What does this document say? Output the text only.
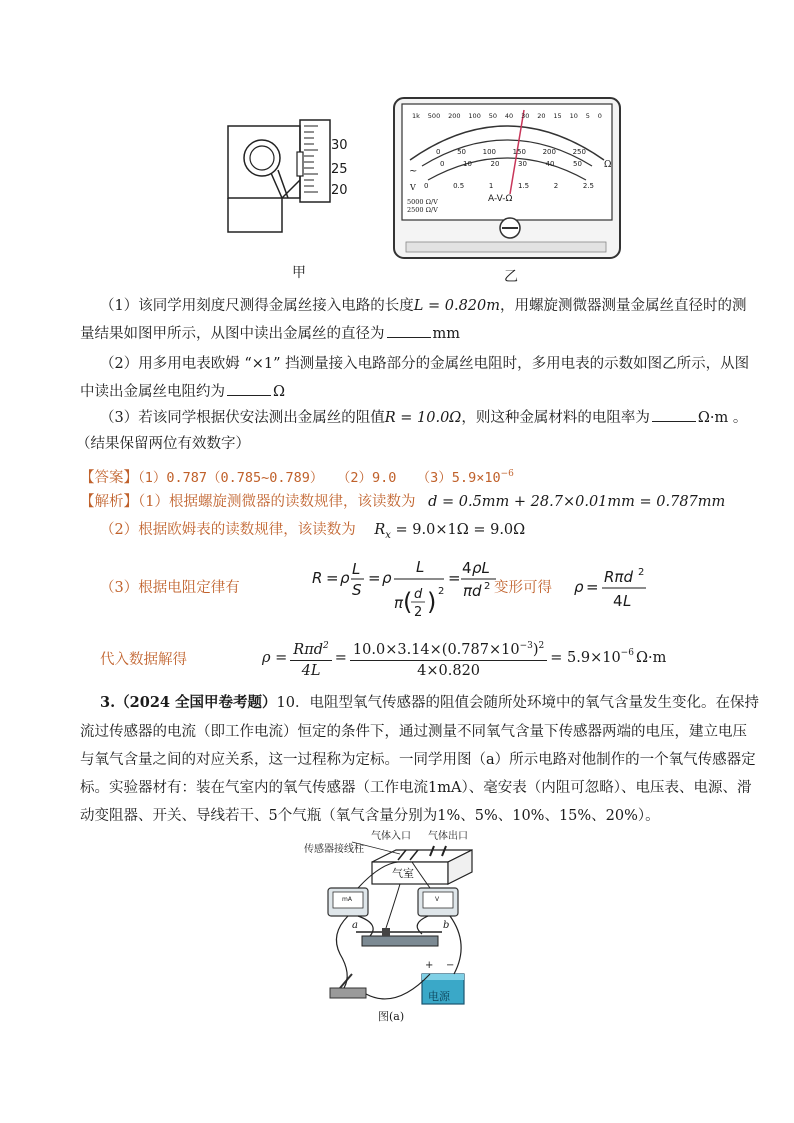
30
25
20
甲
1k 500 200 100 50 40 30 20 15 10 5 0
Ω
0 50 100 150 200 250
0	10	20	30	40	50
0	0.5	1	1.5	2	2.5
~
V
A-V-Ω
5000 Ω/V
2500 Ω/V
乙
（1）该同学用刻度尺测得金属丝接入电路的长度L = 0.820m，用螺旋测微器测量金属丝直径时的测
量结果如图甲所示，从图中读出金属丝的直径为	mm
（2）用多用电表欧姆 “×1” 挡测量接入电路部分的金属丝电阻时，多用电表的示数如图乙所示，从图
中读出金属丝电阻约为	Ω
（3）若该同学根据伏安法测出金属丝的阻值R = 10.0Ω，则这种金属材料的电阻率为	Ω·m 。
（结果保留两位有效数字）
【答案】（1）0.787（0.785~0.789）　　（2）9.0　　$(3)5.9\times 10^{-6}$
【解析】（1）根据螺旋测微器的读数规律，该读数为 d = 0.5mm + 28.7×0.01mm = 0.787mm
（2）根据欧姆表的读数规律，该读数为 $R_x = 9.0\times 1\Omega = 9.0\Omega$
（3）根据电阻定律有
R = ρ L
S
= ρ
L
π ( d
2 ) 2
=
4 ρL
πd 2 变形可得 ρ =
Rπd 2
4 L
代入数据解得	$\rho = \frac{R\pi d^2}{4L} = \frac{10.0\times 3.14\times(0.787\times 10^{-3})^2}{4\times 0.820} = 5.9\times 10^{-6}$ Ω·m
3.（2024 全国甲卷考题）10．电阻型氧气传感器的阻值会随所处环境中的氧气含量发生变化。在保持
流过传感器的电流（即工作电流）恒定的条件下，通过测量不同氧气含量下传感器两端的电压，建立电压
与氧气含量之间的对应关系，这一过程称为定标。一同学用图（a）所示电路对他制作的一个氧气传感器定
标。实验器材有：装在气室内的氧气传感器（工作电流1mA）、毫安表（内阻可忽略）、电压表、电源、滑
动变阻器、开关、导线若干、5个气瓶（氧气含量分别为1%、5%、10%、15%、20%）。
气体入口 气体出口
传感器接线柱
气室
mA	V
a	b
+ −
电源
图(a)
